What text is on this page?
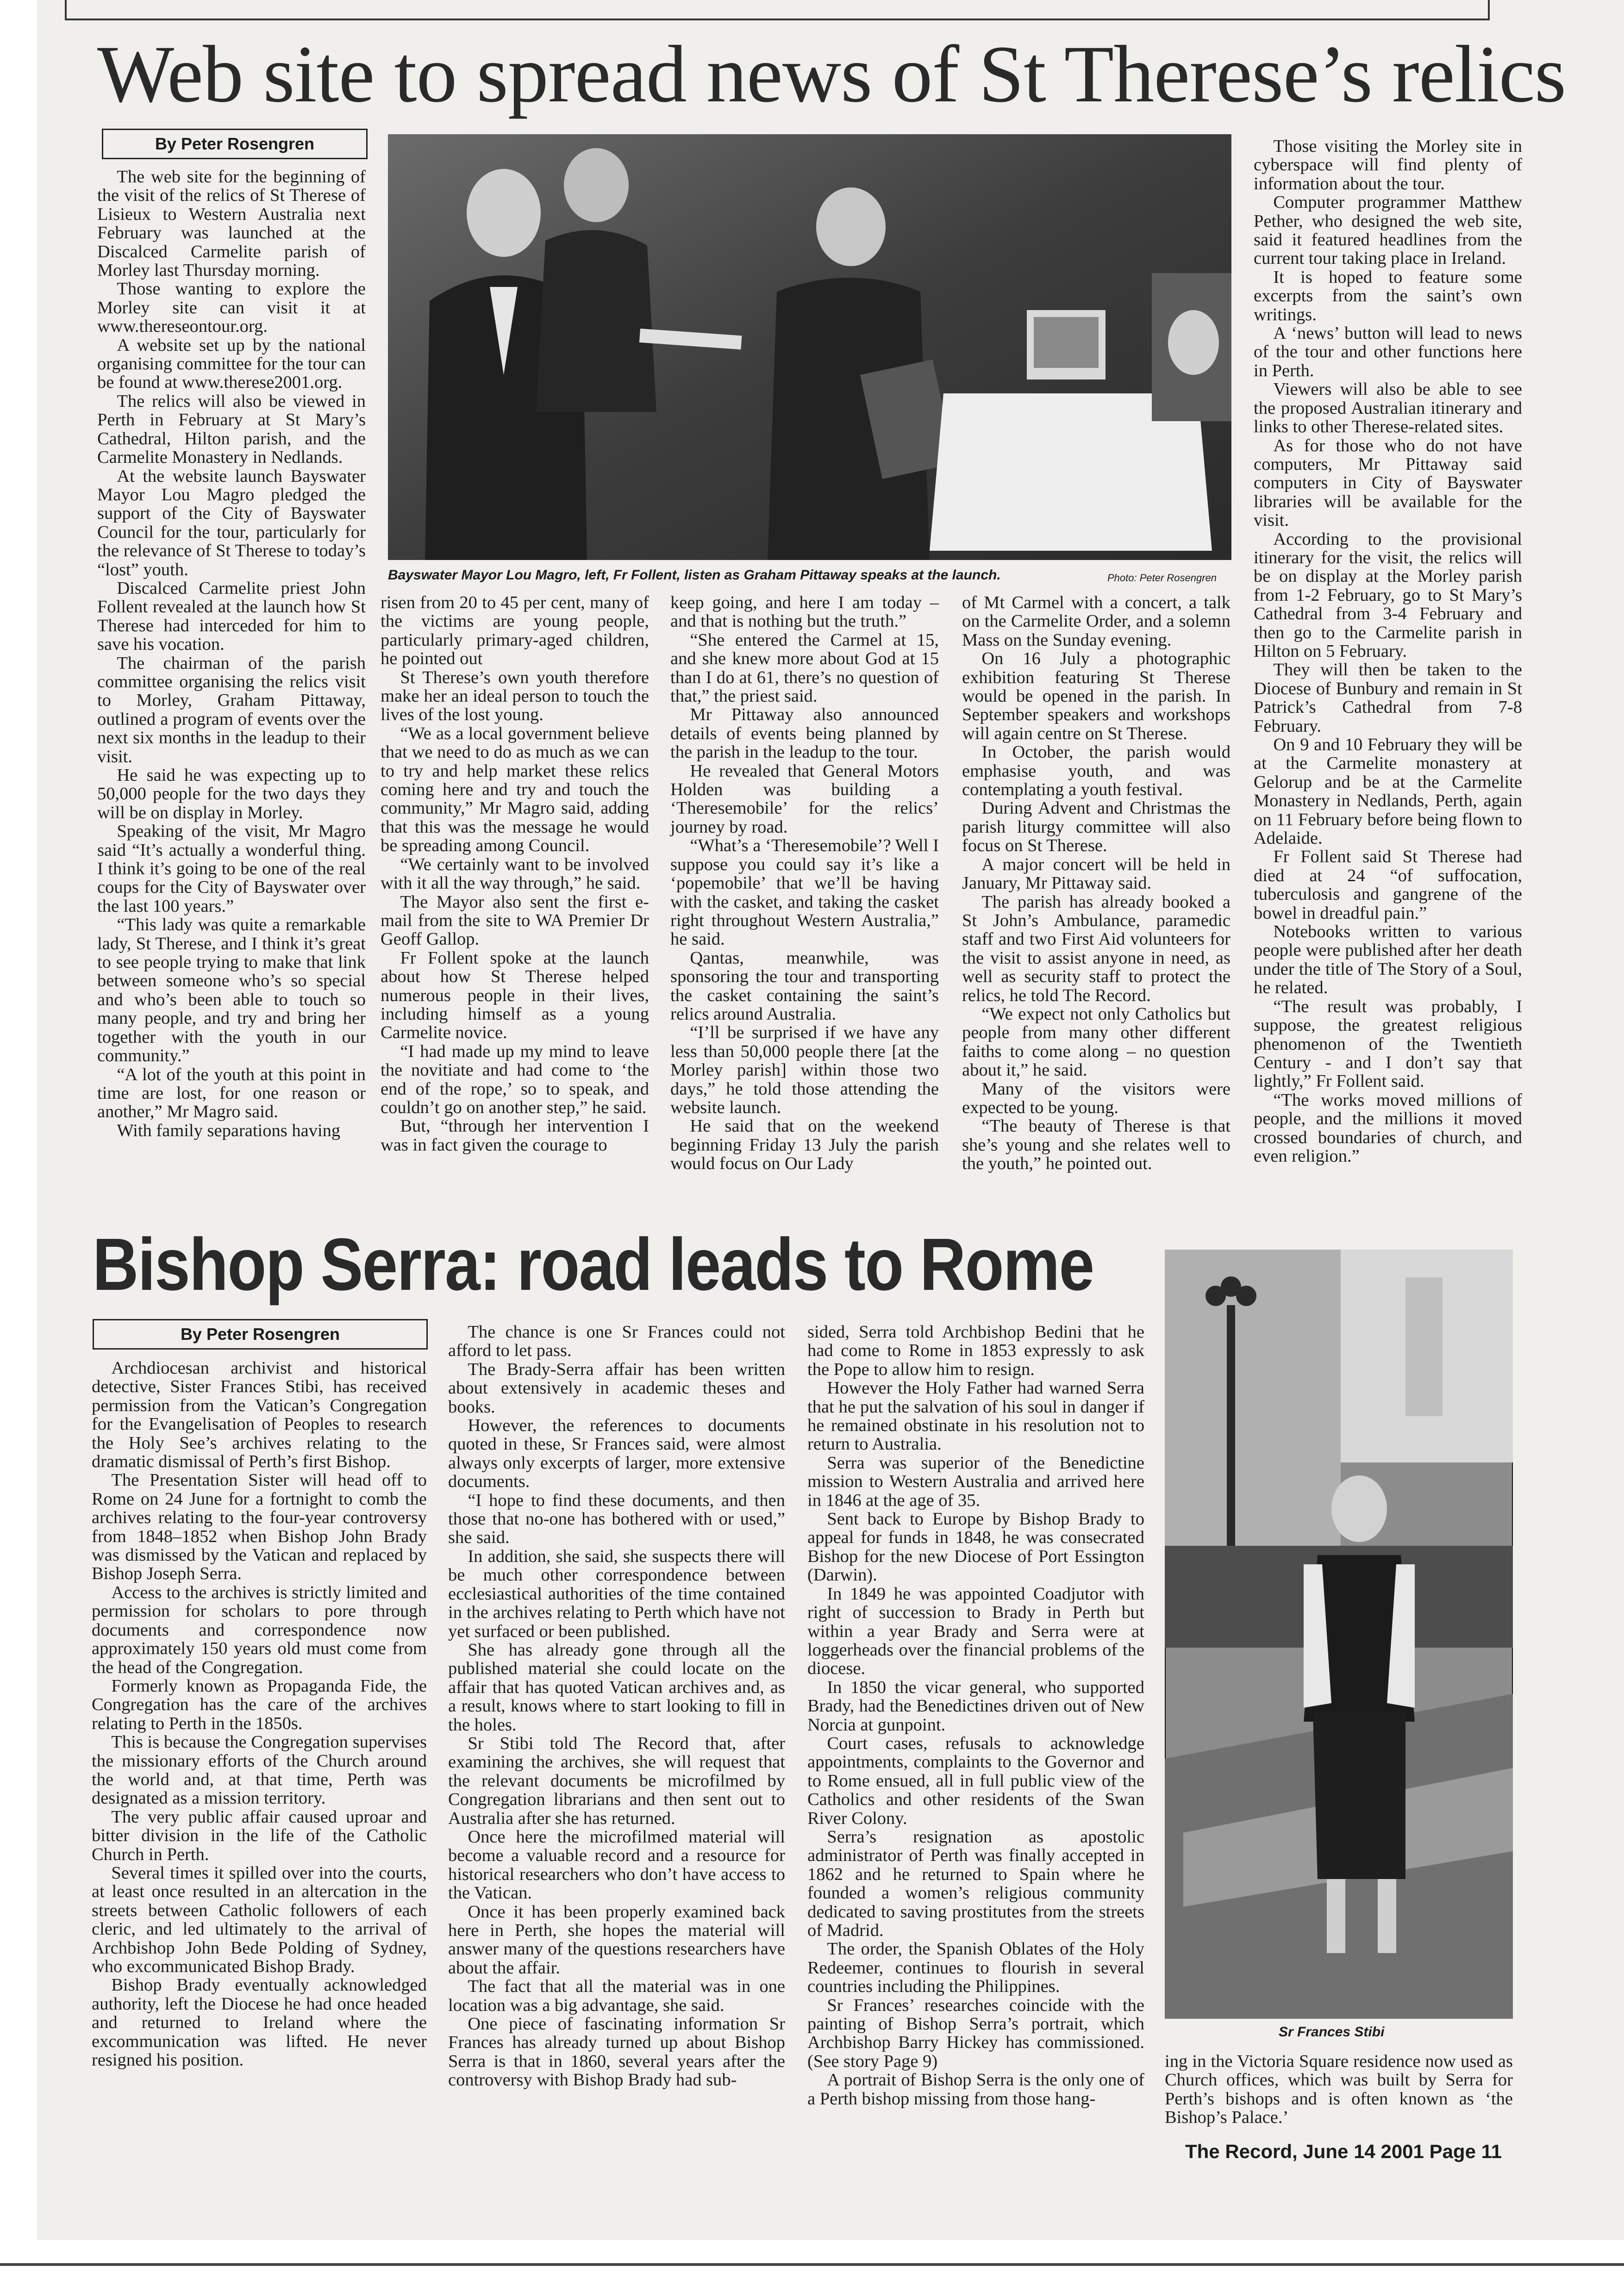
Web site to spread news of St Therese’s relics
By Peter Rosengren
Bayswater Mayor Lou Magro, left, Fr Follent, listen as Graham Pittaway speaks at the launch.	Photo: Peter Rosengren

The web site for the beginning of the visit of the relics of St Therese of Lisieux to Western Australia next February was launched at the Discalced Carmelite parish of Morley last Thursday morning.

Those wanting to explore the Morley site can visit it at www.thereseontour.org.

A website set up by the national organising committee for the tour can be found at www.therese2001.org.

The relics will also be viewed in Perth in February at St Mary’s Cathedral, Hilton parish, and the Carmelite Monastery in Nedlands.

At the website launch Bayswater Mayor Lou Magro pledged the support of the City of Bayswater Council for the tour, particularly for the relevance of St Therese to today’s “lost” youth.

Discalced Carmelite priest John Follent revealed at the launch how St Therese had interceded for him to save his vocation.

The chairman of the parish committee organising the relics visit to Morley, Graham Pittaway, outlined a program of events over the next six months in the leadup to their visit.

He said he was expecting up to 50,000 people for the two days they will be on display in Morley.

Speaking of the visit, Mr Magro said “It’s actually a wonderful thing. I think it’s going to be one of the real coups for the City of Bayswater over the last 100 years.”

“This lady was quite a remarkable lady, St Therese, and I think it’s great to see people trying to make that link between someone who’s so special and who’s been able to touch so many people, and try and bring her together with the youth in our community.”

“A lot of the youth at this point in time are lost, for one reason or another,” Mr Magro said.

With family separations having

risen from 20 to 45 per cent, many of the victims are young people, particularly primary-aged children, he pointed out

St Therese’s own youth therefore make her an ideal person to touch the lives of the lost young.

“We as a local government believe that we need to do as much as we can to try and help market these relics coming here and try and touch the community,” Mr Magro said, adding that this was the message he would be spreading among Council.

“We certainly want to be involved with it all the way through,” he said.

The Mayor also sent the first e-mail from the site to WA Premier Dr Geoff Gallop.

Fr Follent spoke at the launch about how St Therese helped numerous people in their lives, including himself as a young Carmelite novice.

“I had made up my mind to leave the novitiate and had come to ‘the end of the rope,’ so to speak, and couldn’t go on another step,” he said.

But, “through her intervention I was in fact given the courage to

keep going, and here I am today – and that is nothing but the truth.”

“She entered the Carmel at 15, and she knew more about God at 15 than I do at 61, there’s no question of that,” the priest said.

Mr Pittaway also announced details of events being planned by the parish in the leadup to the tour.

He revealed that General Motors Holden was building a ‘Theresemobile’ for the relics’ journey by road.

“What’s a ‘Theresemobile’? Well I suppose you could say it’s like a ‘popemobile’ that we’ll be having with the casket, and taking the casket right throughout Western Australia,” he said.

Qantas, meanwhile, was sponsoring the tour and transporting the casket containing the saint’s relics around Australia.

“I’ll be surprised if we have any less than 50,000 people there [at the Morley parish] within those two days,” he told those attending the website launch.

He said that on the weekend beginning Friday 13 July the parish would focus on Our Lady

of Mt Carmel with a concert, a talk on the Carmelite Order, and a solemn Mass on the Sunday evening.

On 16 July a photographic exhibition featuring St Therese would be opened in the parish. In September speakers and workshops will again centre on St Therese.

In October, the parish would emphasise youth, and was contemplating a youth festival.

During Advent and Christmas the parish liturgy committee will also focus on St Therese.

A major concert will be held in January, Mr Pittaway said.

The parish has already booked a St John’s Ambulance, paramedic staff and two First Aid volunteers for the visit to assist anyone in need, as well as security staff to protect the relics, he told The Record.

“We expect not only Catholics but people from many other different faiths to come along – no question about it,” he said.

Many of the visitors were expected to be young.

“The beauty of Therese is that she’s young and she relates well to the youth,” he pointed out.

Those visiting the Morley site in cyberspace will find plenty of information about the tour.

Computer programmer Matthew Pether, who designed the web site, said it featured headlines from the current tour taking place in Ireland.

It is hoped to feature some excerpts from the saint’s own writings.

A ‘news’ button will lead to news of the tour and other functions here in Perth.

Viewers will also be able to see the proposed Australian itinerary and links to other Therese-related sites.

As for those who do not have computers, Mr Pittaway said computers in City of Bayswater libraries will be available for the visit.

According to the provisional itinerary for the visit, the relics will be on display at the Morley parish from 1-2 February, go to St Mary’s Cathedral from 3-4 February and then go to the Carmelite parish in Hilton on 5 February.

They will then be taken to the Diocese of Bunbury and remain in St Patrick’s Cathedral from 7-8 February.

On 9 and 10 February they will be at the Carmelite monastery at Gelorup and be at the Carmelite Monastery in Nedlands, Perth, again on 11 February before being flown to Adelaide.

Fr Follent said St Therese had died at 24 “of suffocation, tuberculosis and gangrene of the bowel in dreadful pain.”

Notebooks written to various people were published after her death under the title of The Story of a Soul, he related.

“The result was probably, I suppose, the greatest religious phenomenon of the Twentieth Century - and I don’t say that lightly,” Fr Follent said.

“The works moved millions of people, and the millions it moved crossed boundaries of church, and even religion.”

Bishop Serra: road leads to Rome
By Peter Rosengren

Archdiocesan archivist and historical detective, Sister Frances Stibi, has received permission from the Vatican’s Congregation for the Evangelisation of Peoples to research the Holy See’s archives relating to the dramatic dismissal of Perth’s first Bishop.

The Presentation Sister will head off to Rome on 24 June for a fortnight to comb the archives relating to the four-year controversy from 1848–1852 when Bishop John Brady was dismissed by the Vatican and replaced by Bishop Joseph Serra.

Access to the archives is strictly limited and permission for scholars to pore through documents and correspondence now approximately 150 years old must come from the head of the Congregation.

Formerly known as Propaganda Fide, the Congregation has the care of the archives relating to Perth in the 1850s.

This is because the Congregation supervises the missionary efforts of the Church around the world and, at that time, Perth was designated as a mission territory.

The very public affair caused uproar and bitter division in the life of the Catholic Church in Perth.

Several times it spilled over into the courts, at least once resulted in an altercation in the streets between Catholic followers of each cleric, and led ultimately to the arrival of Archbishop John Bede Polding of Sydney, who excommunicated Bishop Brady.

Bishop Brady eventually acknowledged authority, left the Diocese he had once headed and returned to Ireland where the excommunication was lifted. He never resigned his position.

The chance is one Sr Frances could not afford to let pass.

The Brady-Serra affair has been written about extensively in academic theses and books.

However, the references to documents quoted in these, Sr Frances said, were almost always only excerpts of larger, more extensive documents.

“I hope to find these documents, and then those that no-one has bothered with or used,” she said.

In addition, she said, she suspects there will be much other correspondence between ecclesiastical authorities of the time contained in the archives relating to Perth which have not yet surfaced or been published.

She has already gone through all the published material she could locate on the affair that has quoted Vatican archives and, as a result, knows where to start looking to fill in the holes.

Sr Stibi told The Record that, after examining the archives, she will request that the relevant documents be microfilmed by Congregation librarians and then sent out to Australia after she has returned.

Once here the microfilmed material will become a valuable record and a resource for historical researchers who don’t have access to the Vatican.

Once it has been properly examined back here in Perth, she hopes the material will answer many of the questions researchers have about the affair.

The fact that all the material was in one location was a big advantage, she said.

One piece of fascinating information Sr Frances has already turned up about Bishop Serra is that in 1860, several years after the controversy with Bishop Brady had sub-

sided, Serra told Archbishop Bedini that he had come to Rome in 1853 expressly to ask the Pope to allow him to resign.

However the Holy Father had warned Serra that he put the salvation of his soul in danger if he remained obstinate in his resolution not to return to Australia.

Serra was superior of the Benedictine mission to Western Australia and arrived here in 1846 at the age of 35.

Sent back to Europe by Bishop Brady to appeal for funds in 1848, he was consecrated Bishop for the new Diocese of Port Essington (Darwin).

In 1849 he was appointed Coadjutor with right of succession to Brady in Perth but within a year Brady and Serra were at loggerheads over the financial problems of the diocese.

In 1850 the vicar general, who supported Brady, had the Benedictines driven out of New Norcia at gunpoint.

Court cases, refusals to acknowledge appointments, complaints to the Governor and to Rome ensued, all in full public view of the Catholics and other residents of the Swan River Colony.

Serra’s resignation as apostolic administrator of Perth was finally accepted in 1862 and he returned to Spain where he founded a women’s religious community dedicated to saving prostitutes from the streets of Madrid.

The order, the Spanish Oblates of the Holy Redeemer, continues to flourish in several countries including the Philippines.

Sr Frances’ researches coincide with the painting of Bishop Serra’s portrait, which Archbishop Barry Hickey has commissioned. (See story Page 9)

A portrait of Bishop Serra is the only one of a Perth bishop missing from those hang-

Sr Frances Stibi

ing in the Victoria Square residence now used as Church offices, which was built by Serra for Perth’s bishops and is often known as ‘the Bishop’s Palace.’

The Record, June 14 2001 Page 11
